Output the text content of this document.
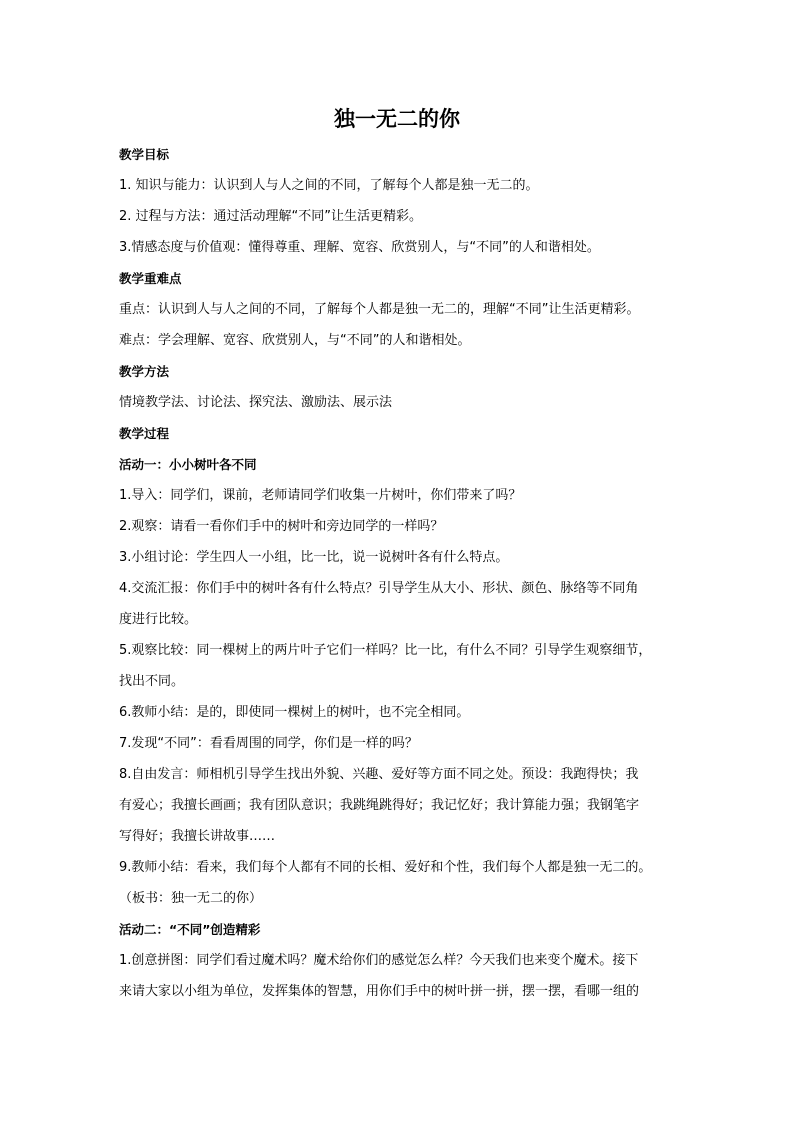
独一无二的你

教学目标

1. 知识与能力：认识到人与人之间的不同，了解每个人都是独一无二的。

2. 过程与方法：通过活动理解“不同”让生活更精彩。

3.情感态度与价值观：懂得尊重、理解、宽容、欣赏别人，与“不同”的人和谐相处。

教学重难点

重点：认识到人与人之间的不同，了解每个人都是独一无二的，理解“不同”让生活更精彩。

难点：学会理解、宽容、欣赏别人，与“不同”的人和谐相处。

教学方法

情境教学法、讨论法、探究法、激励法、展示法

教学过程

活动一：小小树叶各不同

1.导入：同学们，课前，老师请同学们收集一片树叶，你们带来了吗？

2.观察：请看一看你们手中的树叶和旁边同学的一样吗？

3.小组讨论：学生四人一小组，比一比，说一说树叶各有什么特点。

4.交流汇报：你们手中的树叶各有什么特点？引导学生从大小、形状、颜色、脉络等不同角

度进行比较。

5.观察比较：同一棵树上的两片叶子它们一样吗？比一比，有什么不同？引导学生观察细节，

找出不同。

6.教师小结：是的，即使同一棵树上的树叶，也不完全相同。

7.发现“不同”：看看周围的同学，你们是一样的吗？

8.自由发言：师相机引导学生找出外貌、兴趣、爱好等方面不同之处。预设：我跑得快；我

有爱心；我擅长画画；我有团队意识；我跳绳跳得好；我记忆好；我计算能力强；我钢笔字

写得好；我擅长讲故事……

9.教师小结：看来，我们每个人都有不同的长相、爱好和个性，我们每个人都是独一无二的。

（板书：独一无二的你）

活动二：“不同”创造精彩

1.创意拼图：同学们看过魔术吗？魔术给你们的感觉怎么样？今天我们也来变个魔术。接下

来请大家以小组为单位，发挥集体的智慧，用你们手中的树叶拼一拼，摆一摆，看哪一组的
